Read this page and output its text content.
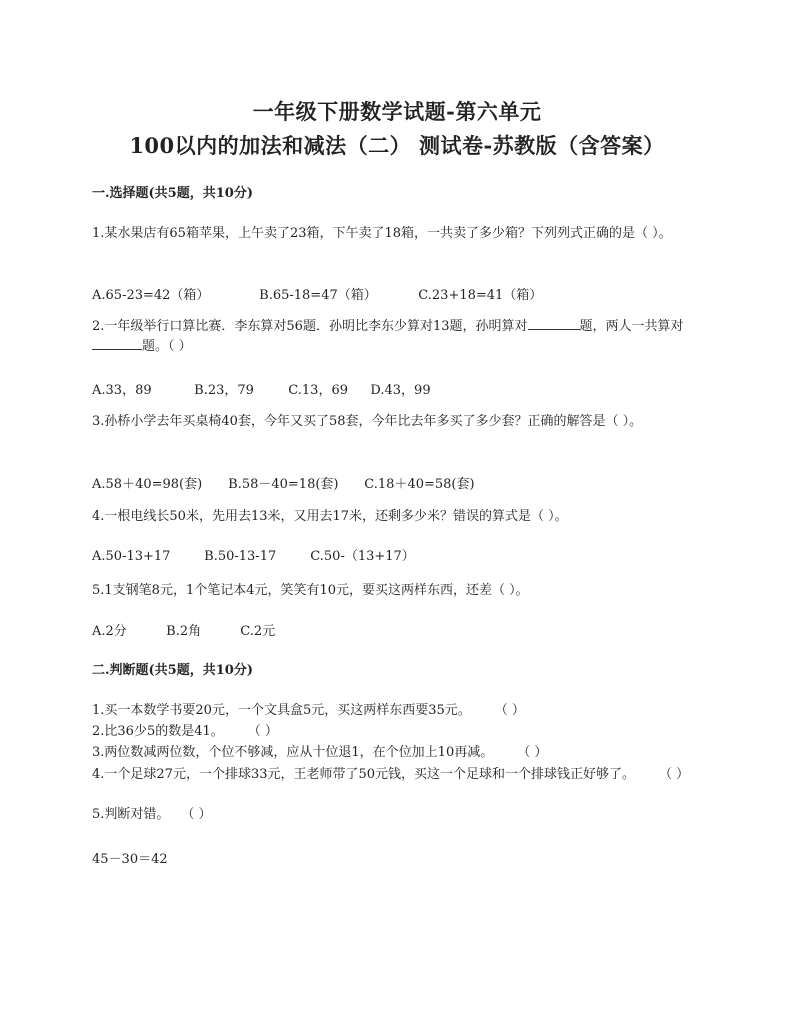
一年级下册数学试题-第六单元
100以内的加法和减法（二） 测试卷-苏教版（含答案）

一.选择题(共5题，共10分)

1.某水果店有65箱苹果，上午卖了23箱，下午卖了18箱，一共卖了多少箱？下列列式正确的是（ ）。

A.65-23=42（箱）	B.65-18=47（箱）	C.23+18=41（箱）

2.一年级举行口算比赛．李东算对56题．孙明比李东少算对13题，孙明算对	题，两人一共算对题。（ ）

A.33，89	B.23，79	C.13，69 D.43，99

3.孙桥小学去年买桌椅40套，今年又买了58套，今年比去年多买了多少套？正确的解答是（ ）。

A.58＋40=98(套) B.58－40=18(套) C.18＋40=58(套)

4.一根电线长50米，先用去13米，又用去17米，还剩多少米？错误的算式是（ ）。

A.50-13+17	B.50-13-17	C.50-（13+17）

5.1支钢笔8元，1个笔记本4元，笑笑有10元，要买这两样东西，还差（ ）。

A.2分	B.2角	C.2元

二.判断题(共5题，共10分)

1.买一本数学书要20元，一个文具盒5元，买这两样东西要35元。 （ ）

2.比36少5的数是41。 （ ）

3.两位数减两位数，个位不够减，应从十位退1，在个位加上10再减。 （ ）

4.一个足球27元，一个排球33元，王老师带了50元钱，买这一个足球和一个排球钱正好够了。 （ ）

5.判断对错。 （ ）

45－30＝42
